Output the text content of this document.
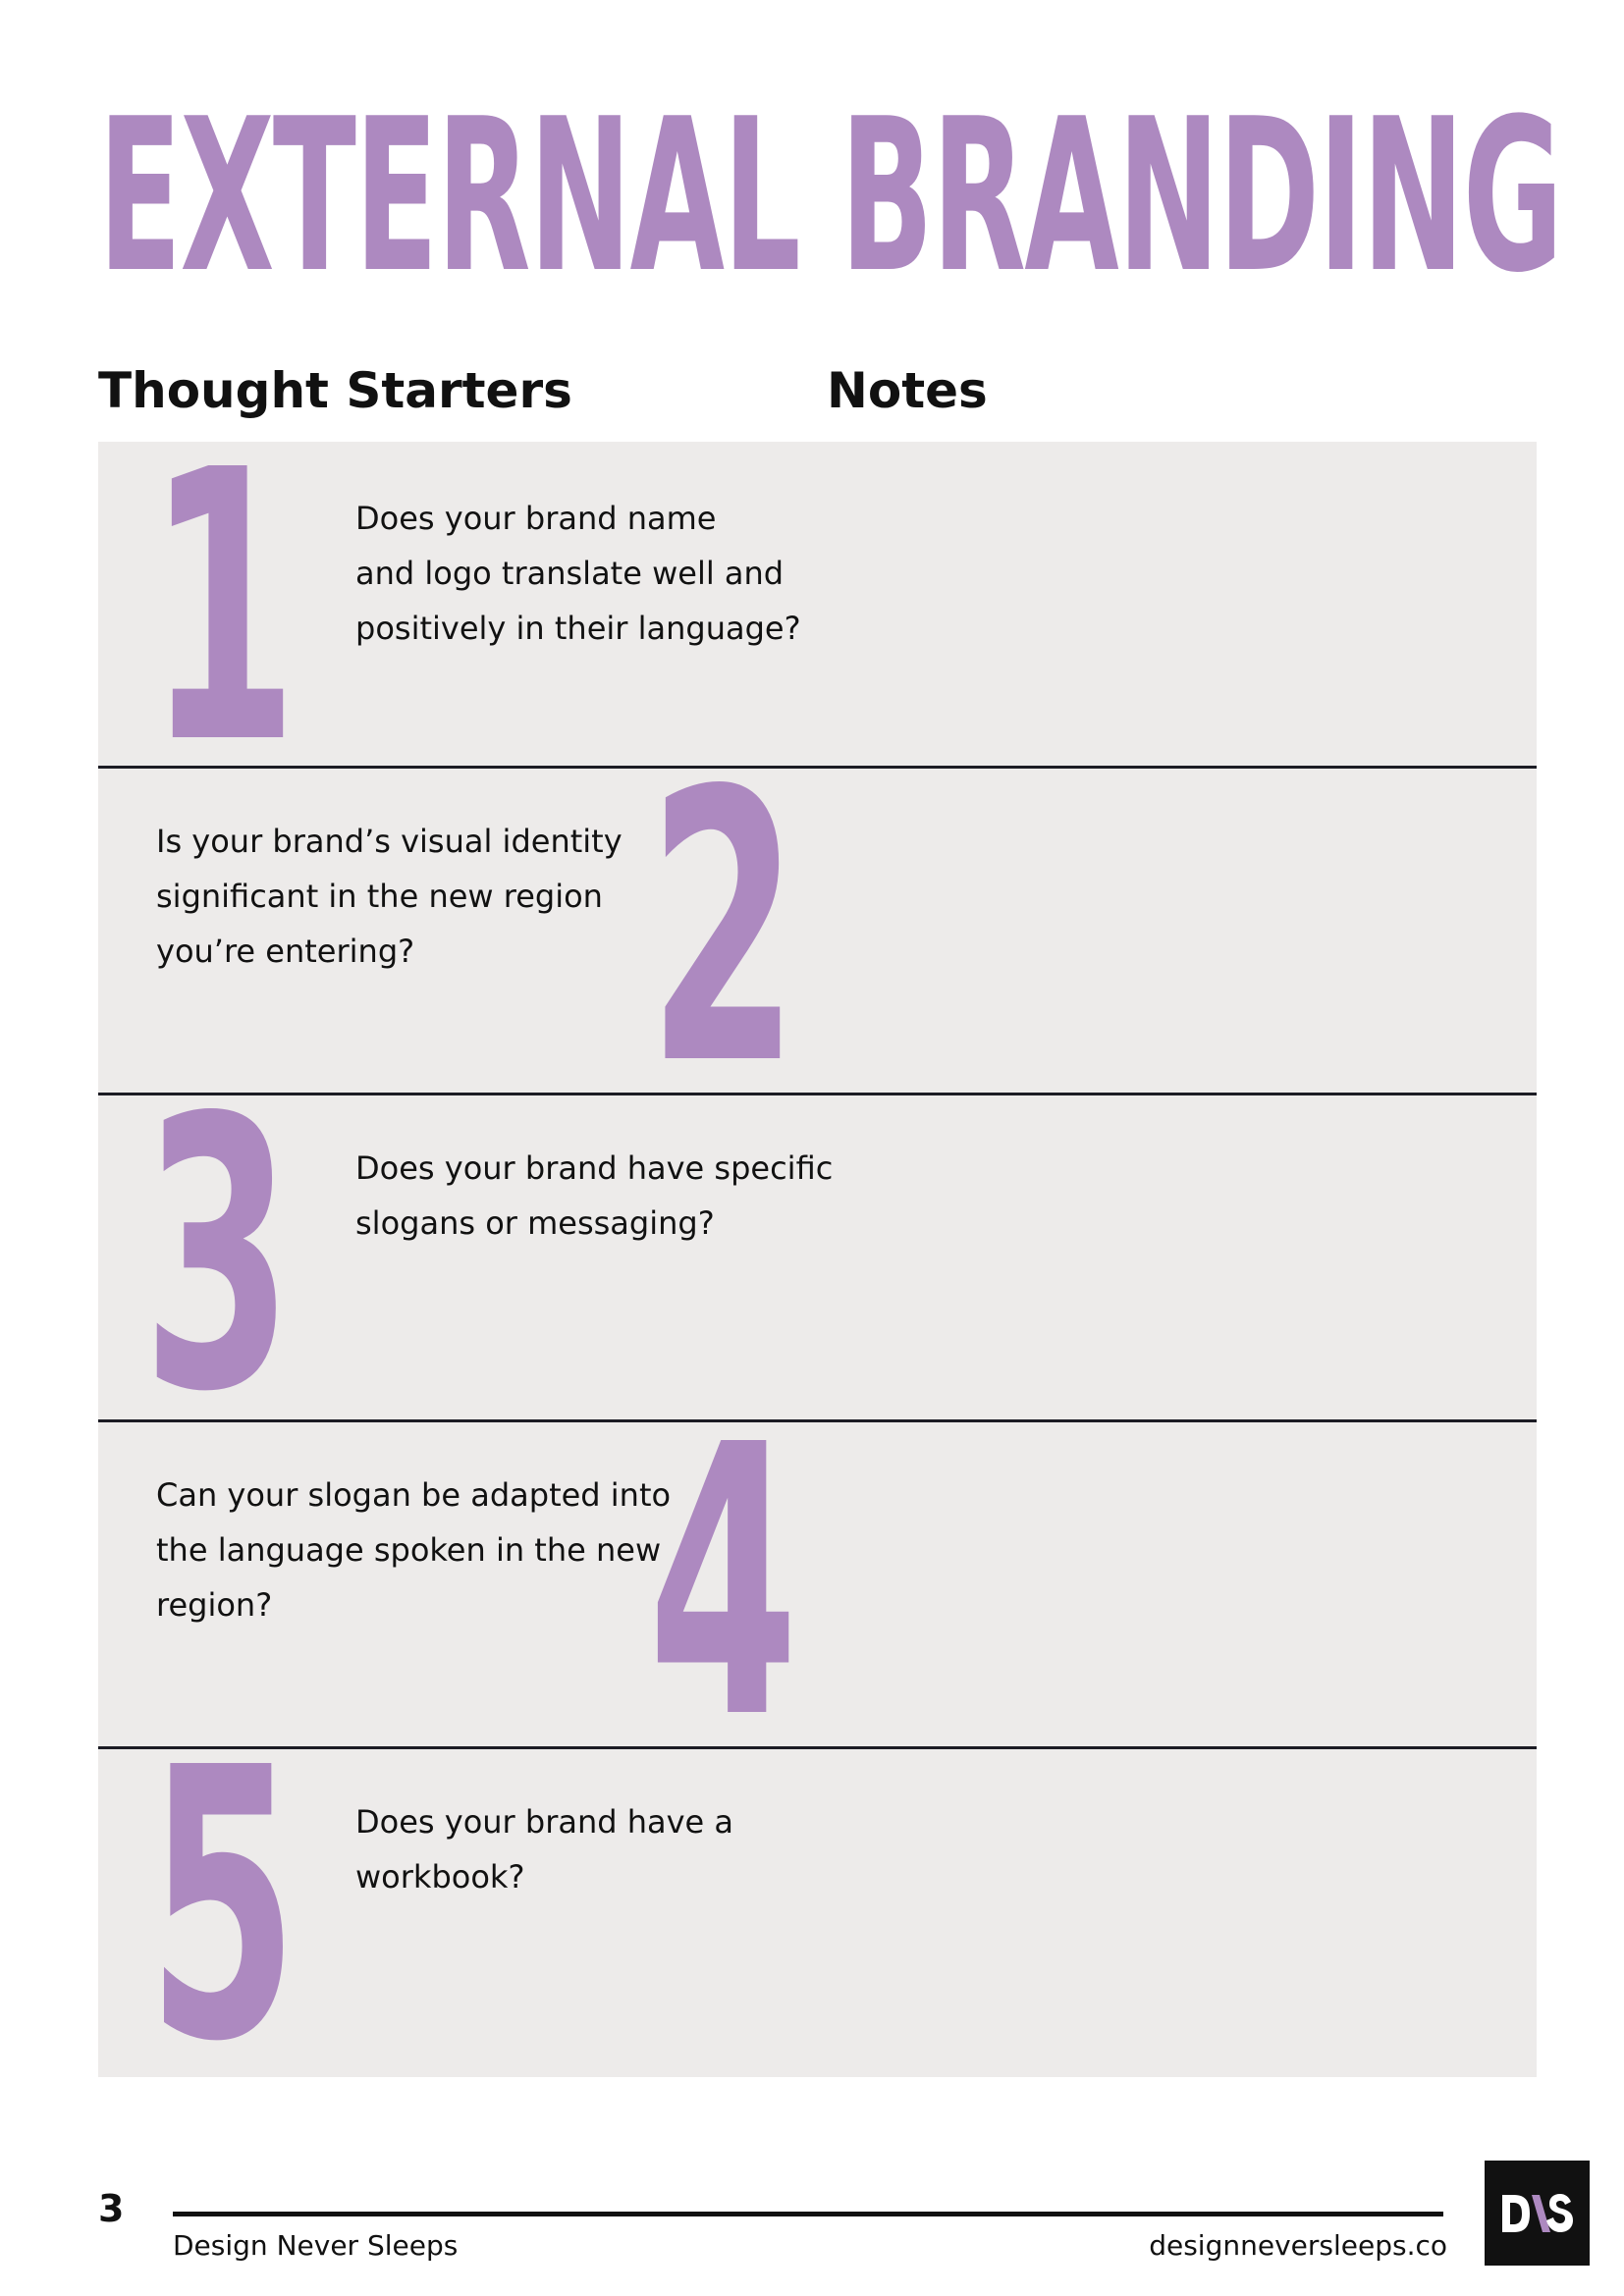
EXTERNAL BRANDING
Thought Starters	Notes
1 Does your brand name
and logo translate well and
positively in their language?

Is your brand’s visual identity
significant in the new region
you’re entering? 2
3 Does your brand have specific
slogans or messaging?

Can your slogan be adapted into
the language spoken in the new
region?	4
5 Does your brand have a
workbook?

3
Design Never Sleeps	designneversleeps.co
